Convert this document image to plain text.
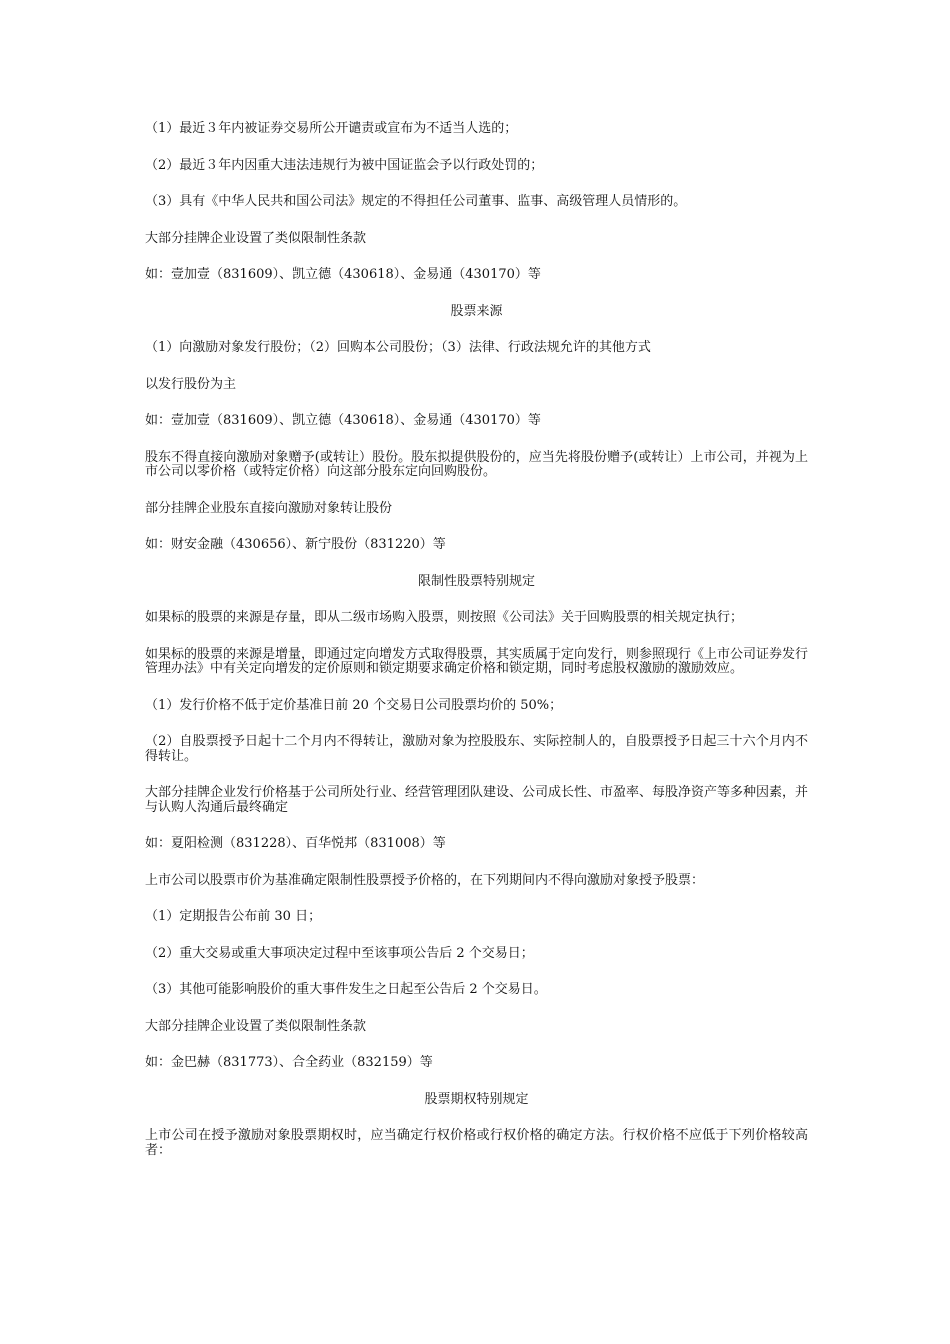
（1）最近３年内被证券交易所公开谴责或宣布为不适当人选的；

（2）最近３年内因重大违法违规行为被中国证监会予以行政处罚的；

（3）具有《中华人民共和国公司法》规定的不得担任公司董事、监事、高级管理人员情形的。

大部分挂牌企业设置了类似限制性条款

如：壹加壹（831609）、凯立德（430618）、金易通（430170）等

股票来源

（1）向激励对象发行股份；（2）回购本公司股份；（3）法律、行政法规允许的其他方式

以发行股份为主

如：壹加壹（831609）、凯立德（430618）、金易通（430170）等

股东不得直接向激励对象赠予(或转让）股份。股东拟提供股份的，应当先将股份赠予(或转让）上市公司，并视为上市公司以零价格（或特定价格）向这部分股东定向回购股份。

部分挂牌企业股东直接向激励对象转让股份

如：财安金融（430656）、新宁股份（831220）等

限制性股票特别规定

如果标的股票的来源是存量，即从二级市场购入股票，则按照《公司法》关于回购股票的相关规定执行；

如果标的股票的来源是增量，即通过定向增发方式取得股票，其实质属于定向发行，则参照现行《上市公司证券发行管理办法》中有关定向增发的定价原则和锁定期要求确定价格和锁定期，同时考虑股权激励的激励效应。

（1）发行价格不低于定价基准日前 20 个交易日公司股票均价的 50%；

（2）自股票授予日起十二个月内不得转让，激励对象为控股股东、实际控制人的，自股票授予日起三十六个月内不得转让。

大部分挂牌企业发行价格基于公司所处行业、经营管理团队建设、公司成长性、市盈率、每股净资产等多种因素，并与认购人沟通后最终确定

如：夏阳检测（831228）、百华悦邦（831008）等

上市公司以股票市价为基准确定限制性股票授予价格的，在下列期间内不得向激励对象授予股票：

（1）定期报告公布前 30 日；

（2）重大交易或重大事项决定过程中至该事项公告后 2 个交易日；

（3）其他可能影响股价的重大事件发生之日起至公告后 2 个交易日。

大部分挂牌企业设置了类似限制性条款

如：金巴赫（831773）、合全药业（832159）等

股票期权特别规定

上市公司在授予激励对象股票期权时，应当确定行权价格或行权价格的确定方法。行权价格不应低于下列价格较高者：
